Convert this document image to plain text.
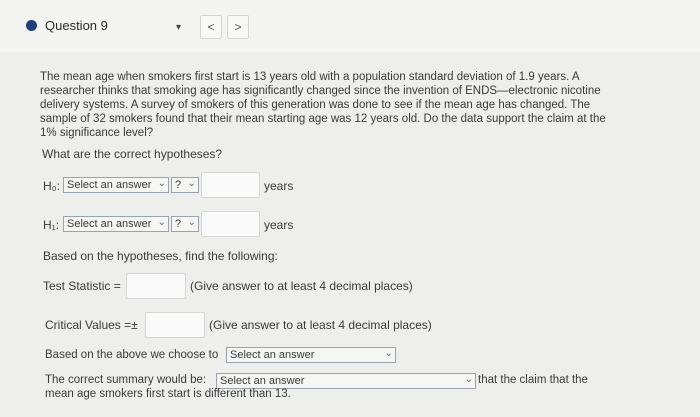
Question 9	▾	<	>
The mean age when smokers first start is 13 years old with a population standard deviation of 1.9 years. A researcher thinks that smoking age has significantly changed since the invention of ENDS—electronic nicotine delivery systems. A survey of smokers of this generation was done to see if the mean age has changed. The sample of 32 smokers found that their mean starting age was 12 years old. Do the data support the claim at the 1% significance level?
What are the correct hypotheses?
H₀: Select an answer ⌄ ? ⌄	years
H₁: Select an answer ⌄ ? ⌄	years
Based on the hypotheses, find the following:
Test Statistic =	(Give answer to at least 4 decimal places)
Critical Values =±	(Give answer to at least 4 decimal places)
Based on the above we choose to	Select an answer	⌄
The correct summary would be:	Select an answer	⌄ that the claim that the
mean age smokers first start is different than 13.
